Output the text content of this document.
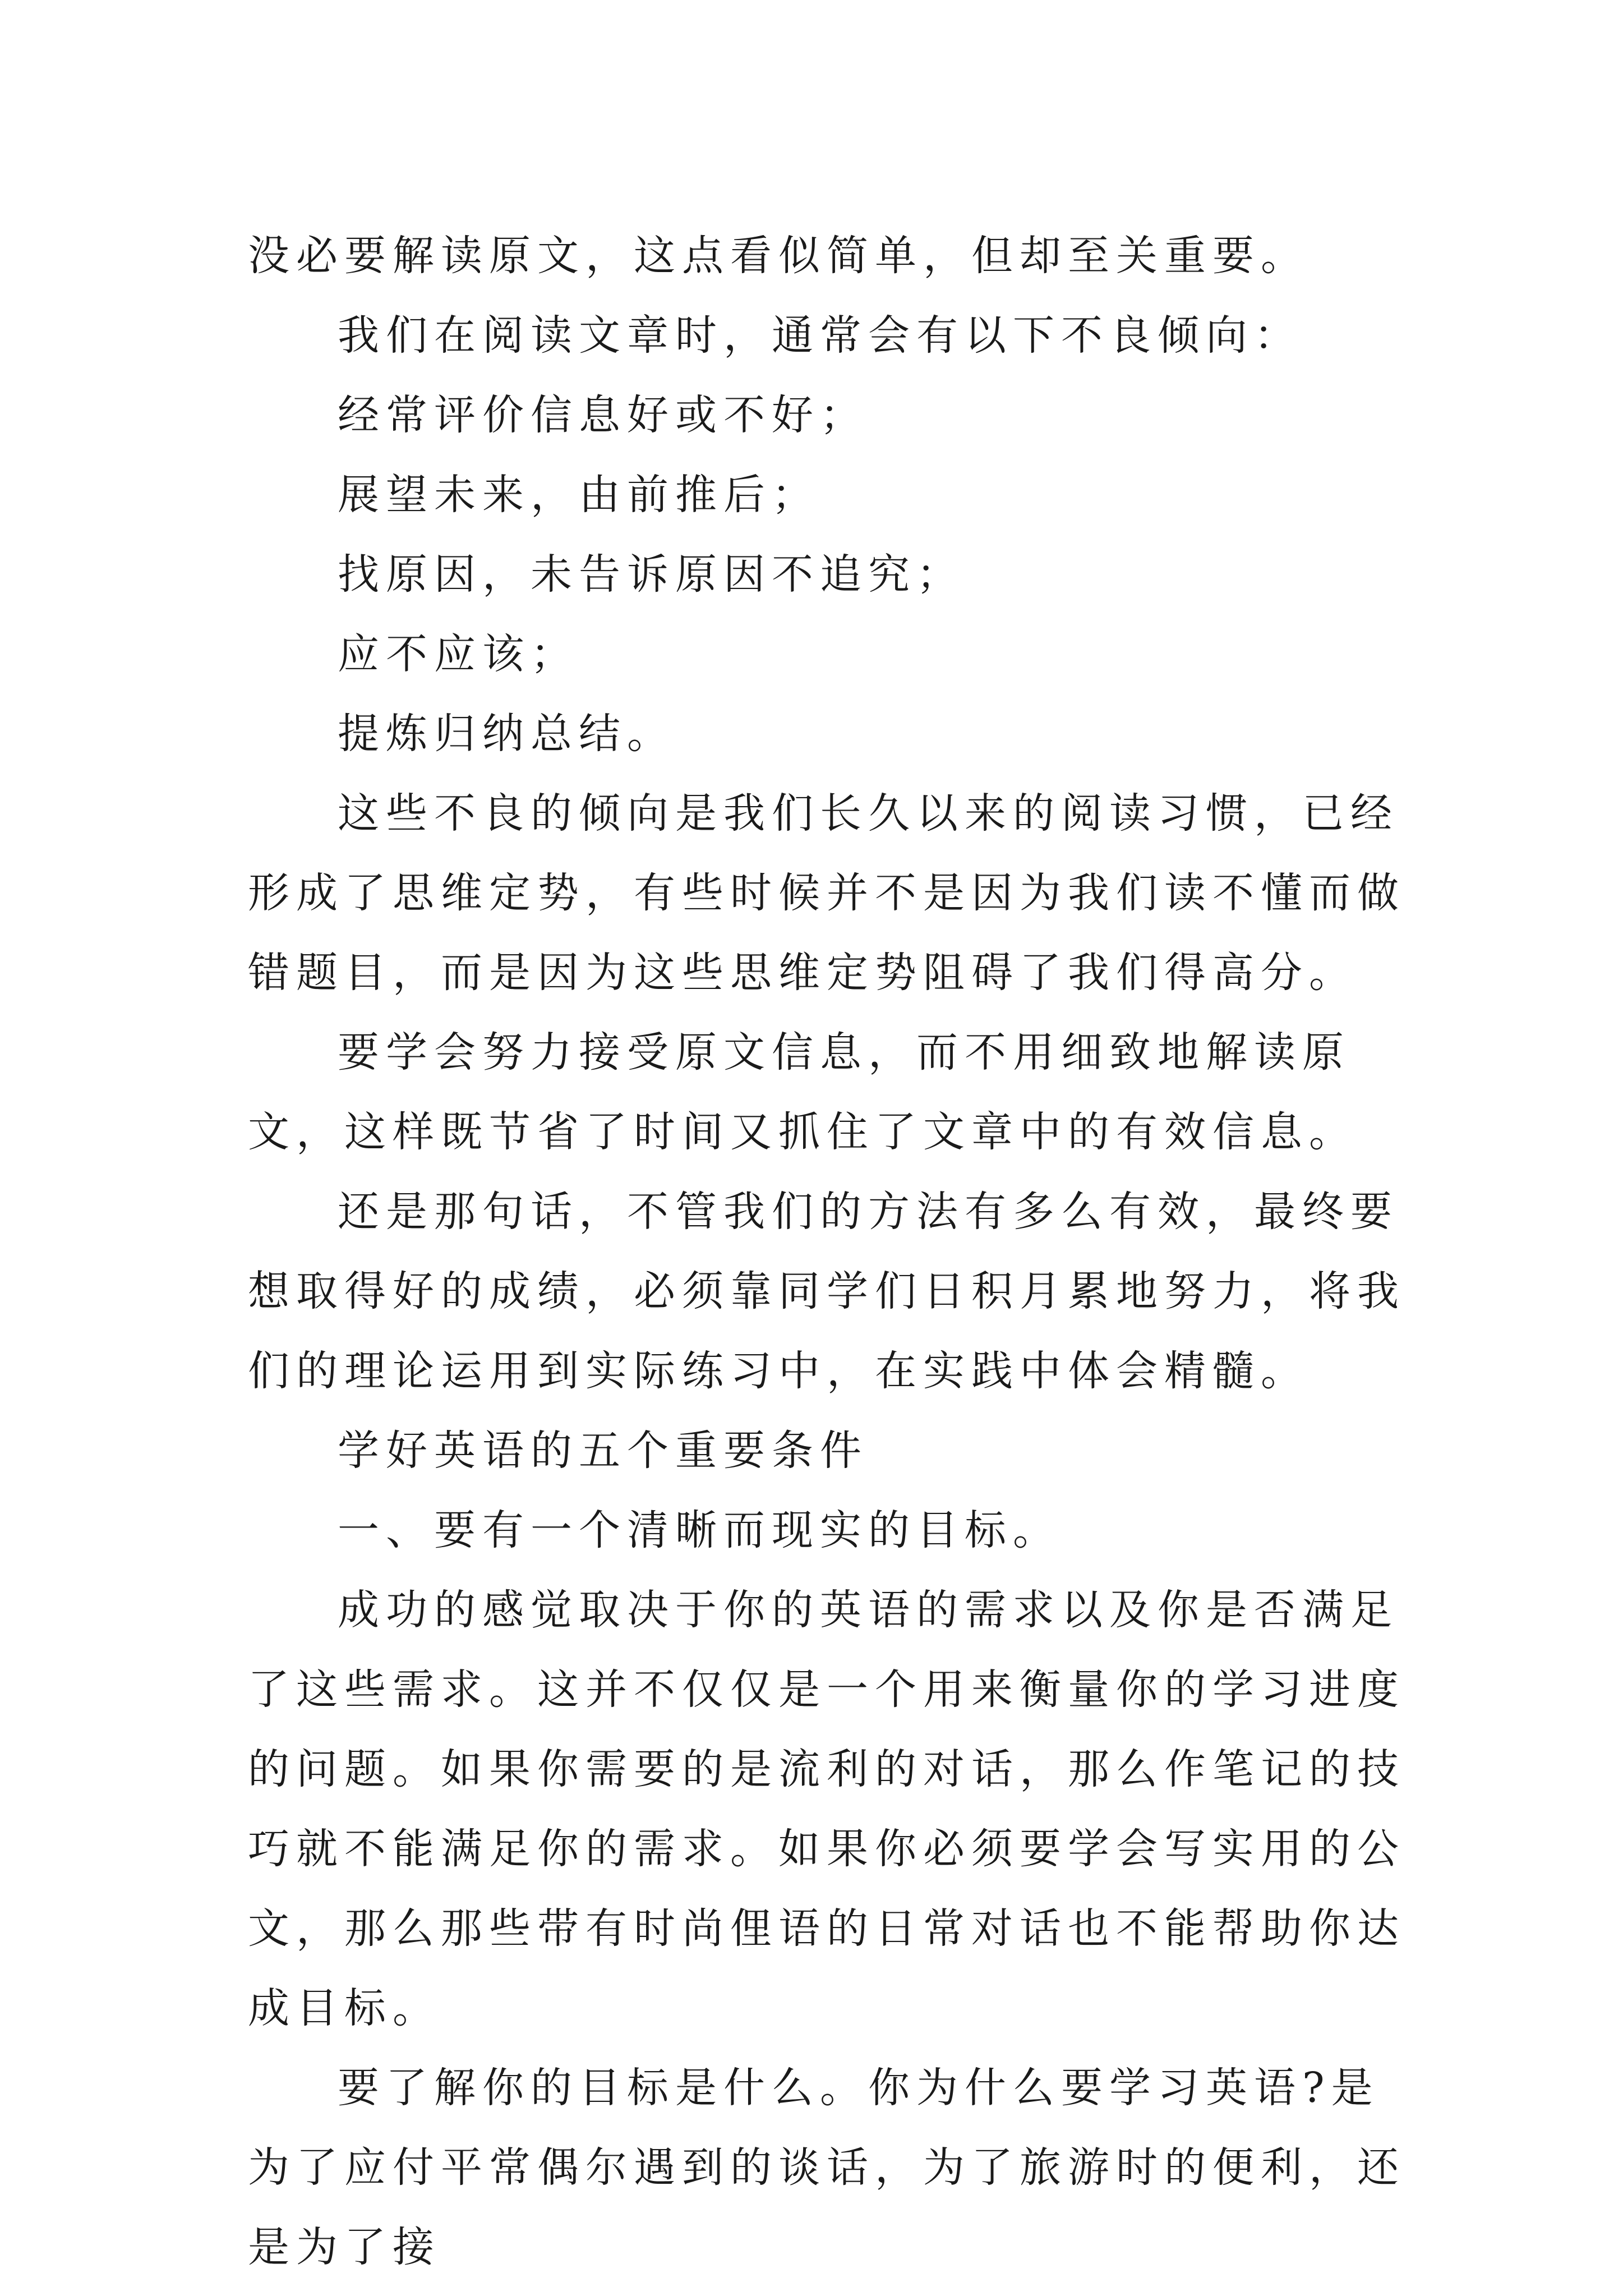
没必要解读原文，这点看似简单，但却至关重要。

我们在阅读文章时，通常会有以下不良倾向：

经常评价信息好或不好；

展望未来，由前推后；

找原因，未告诉原因不追究；

应不应该；

提炼归纳总结。

这些不良的倾向是我们长久以来的阅读习惯，已经形成了思维定势，有些时候并不是因为我们读不懂而做错题目，而是因为这些思维定势阻碍了我们得高分。

要学会努力接受原文信息，而不用细致地解读原文，这样既节省了时间又抓住了文章中的有效信息。

还是那句话，不管我们的方法有多么有效，最终要想取得好的成绩，必须靠同学们日积月累地努力，将我们的理论运用到实际练习中，在实践中体会精髓。

学好英语的五个重要条件

一、要有一个清晰而现实的目标。

成功的感觉取决于你的英语的需求以及你是否满足了这些需求。这并不仅仅是一个用来衡量你的学习进度的问题。如果你需要的是流利的对话，那么作笔记的技巧就不能满足你的需求。如果你必须要学会写实用的公文，那么那些带有时尚俚语的日常对话也不能帮助你达成目标。

要了解你的目标是什么。你为什么要学习英语?是为了应付平常偶尔遇到的谈话，为了旅游时的便利，还是为了接
